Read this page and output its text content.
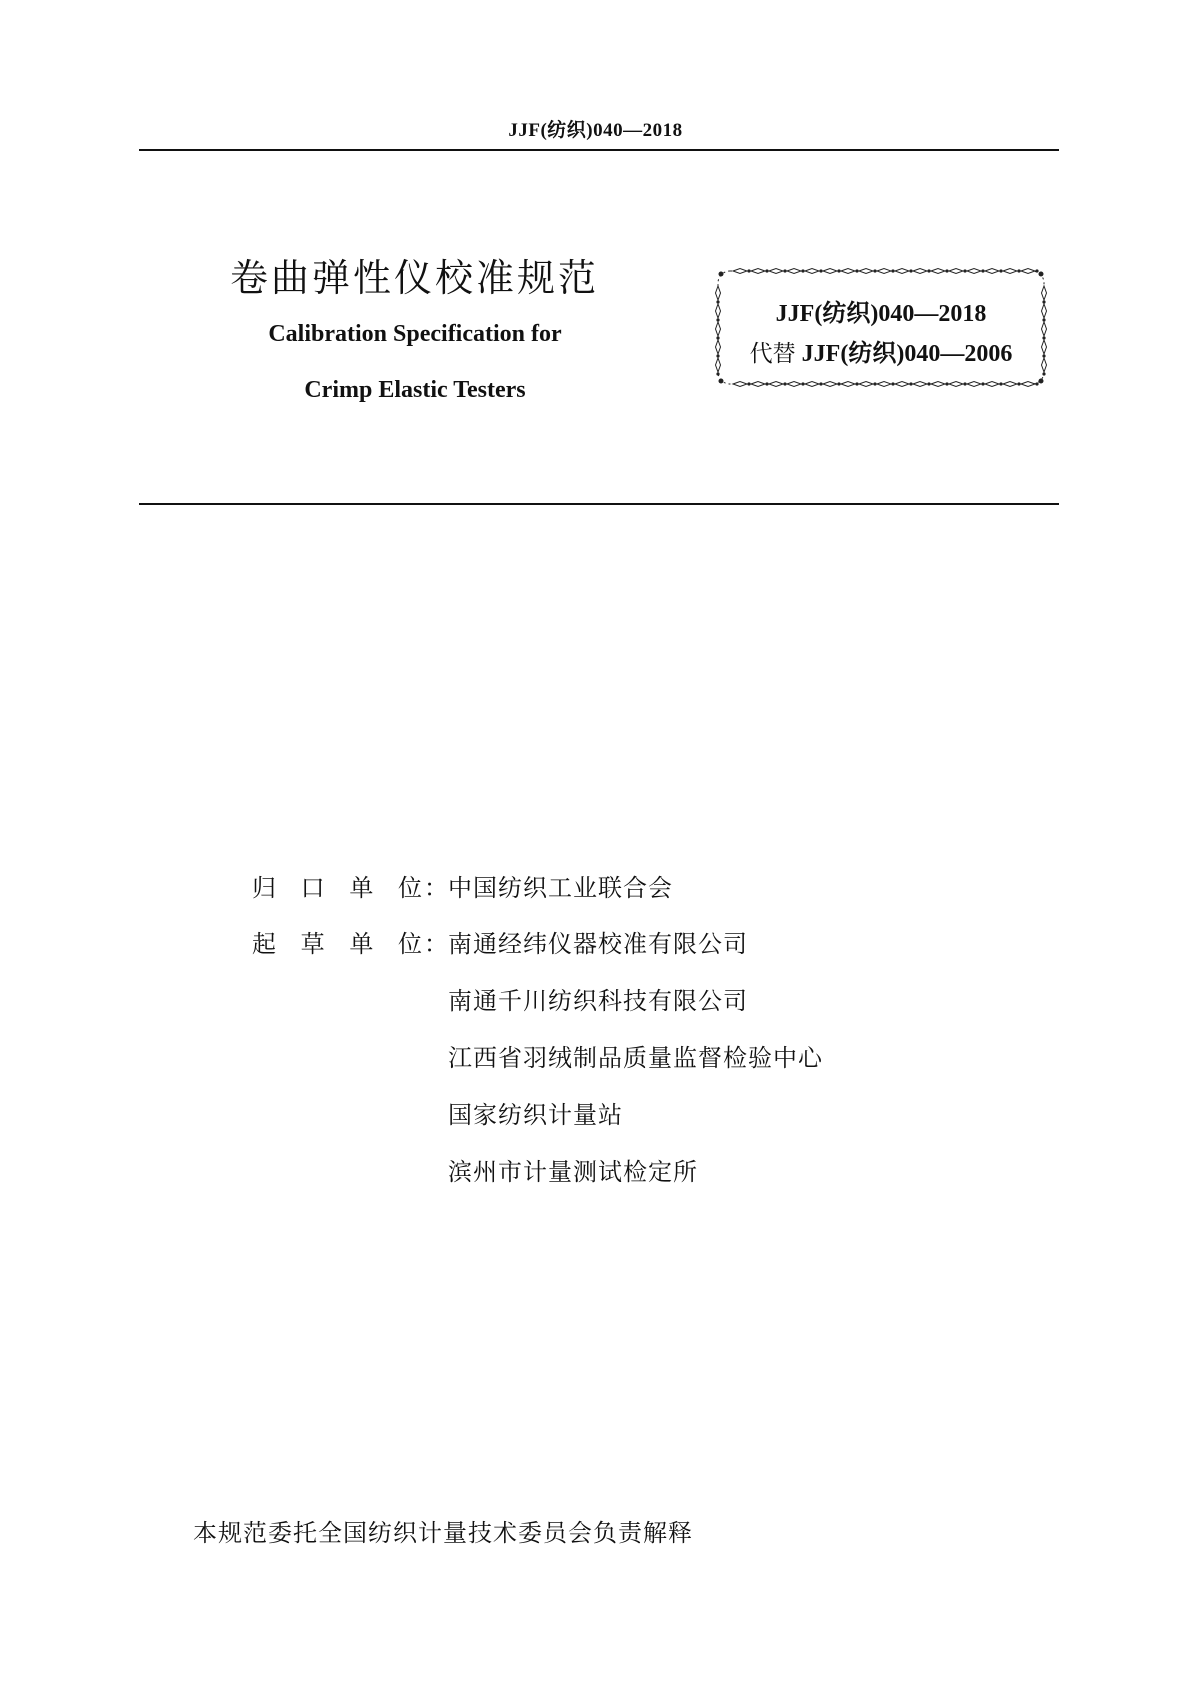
JJF(纺织)040—2018
卷曲弹性仪校准规范
Calibration Specification for
Crimp Elastic Testers
JJF(纺织)040—2018
代替 JJF(纺织)040—2006
归 口 单 位 ： 中国纺织工业联合会
起 草 单 位 ： 南通经纬仪器校准有限公司
南通千川纺织科技有限公司
江西省羽绒制品质量监督检验中心
国家纺织计量站
滨州市计量测试检定所
本规范委托全国纺织计量技术委员会负责解释
